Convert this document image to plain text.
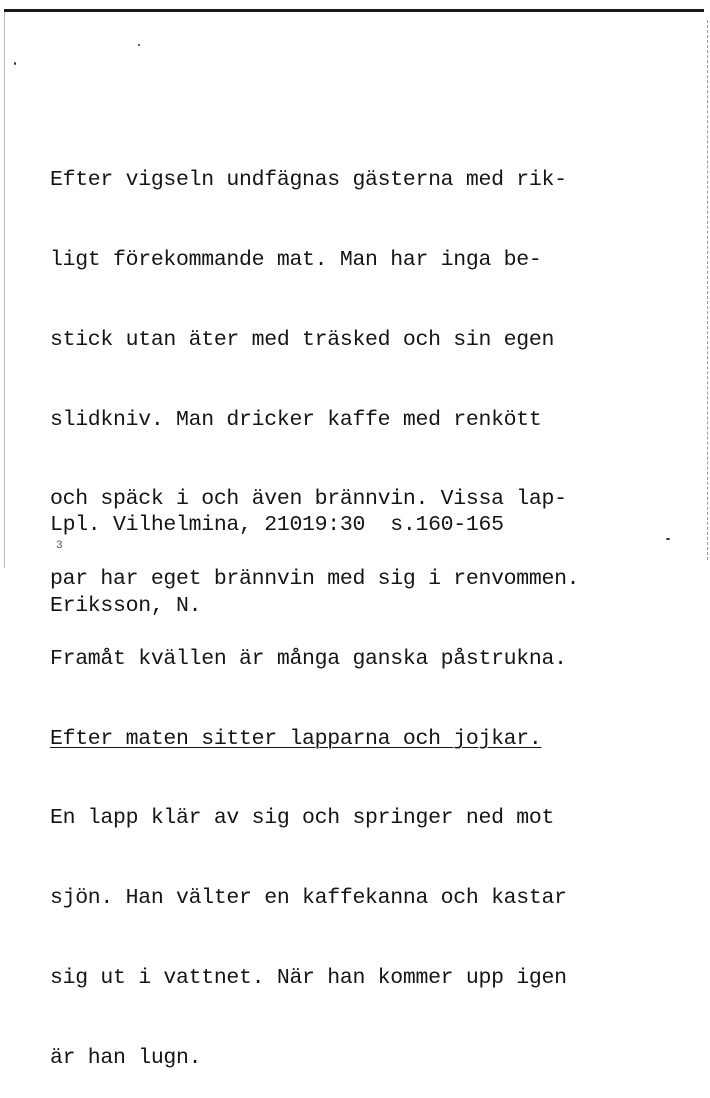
Efter vigseln undfägnas gästerna med rik-

ligt förekommande mat. Man har inga be-

stick utan äter med träsked och sin egen

slidkniv. Man dricker kaffe med renkött

och späck i och även brännvin. Vissa lap-

par har eget brännvin med sig i renvommen.

Framåt kvällen är många ganska påstrukna.

Efter maten sitter lapparna och jojkar.

En lapp klär av sig och springer ned mot

sjön. Han välter en kaffekanna och kastar

sig ut i vattnet. När han kommer upp igen

är han lugn.

Lpl. Vilhelmina, 21019:30  s.160-165

Eriksson, N.

3
